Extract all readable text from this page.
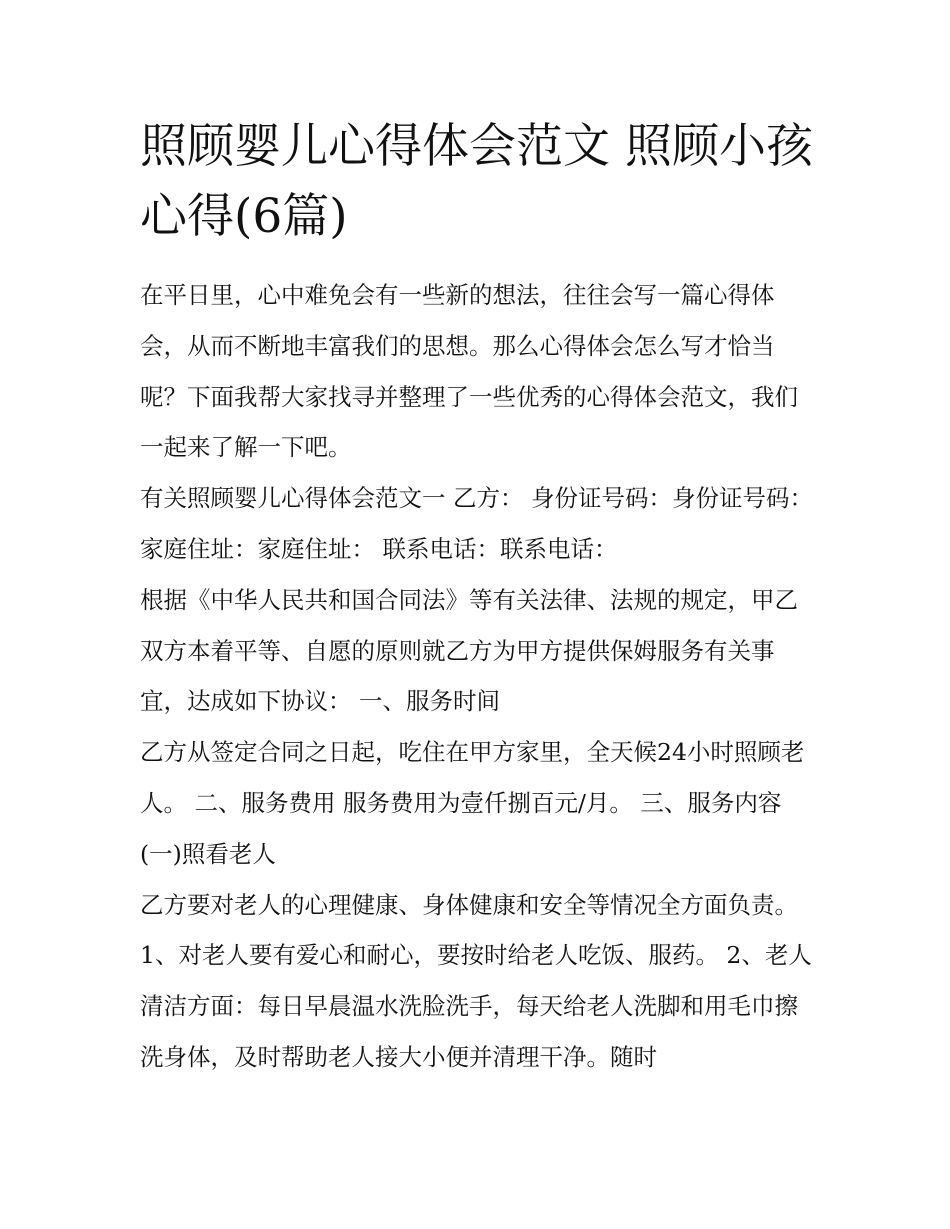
照顾婴儿心得体会范文 照顾小孩心得(6篇)

在平日里，心中难免会有一些新的想法，往往会写一篇心得体会，从而不断地丰富我们的思想。那么心得体会怎么写才恰当呢？下面我帮大家找寻并整理了一些优秀的心得体会范文，我们一起来了解一下吧。

有关照顾婴儿心得体会范文一 乙方： 身份证号码：身份证号码： 家庭住址：家庭住址： 联系电话：联系电话：

根据《中华人民共和国合同法》等有关法律、法规的规定，甲乙双方本着平等、自愿的原则就乙方为甲方提供保姆服务有关事宜，达成如下协议： 一、服务时间

乙方从签定合同之日起，吃住在甲方家里，全天候24小时照顾老人。 二、服务费用 服务费用为壹仟捌百元/月。 三、服务内容 (一)照看老人

乙方要对老人的心理健康、身体健康和安全等情况全方面负责。 1、对老人要有爱心和耐心，要按时给老人吃饭、服药。 2、老人清洁方面：每日早晨温水洗脸洗手，每天给老人洗脚和用毛巾擦洗身体，及时帮助老人接大小便并清理干净。随时
